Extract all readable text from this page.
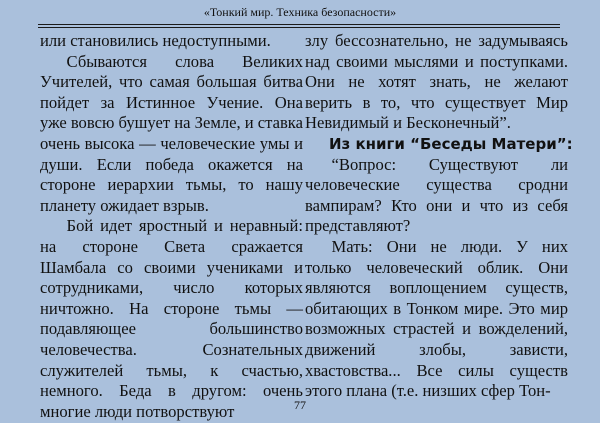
«Тонкий мир. Техника безопасности»

или становились недоступными.

Сбываются слова Великих Учителей, что самая большая битва пойдет за Истинное Учение. Она уже вовсю бушует на Земле, и ставка очень высока — человеческие умы и души. Если победа окажется на стороне иерархии тьмы, то нашу планету ожидает взрыв.

Бой идет яростный и неравный: на стороне Света сражается Шамбала со своими учениками и сотрудниками, число которых ничтожно. На стороне тьмы — подавляющее большинство человечества. Сознательных служителей тьмы, к счастью, немного. Беда в другом: очень многие люди потворствуют

злу бессознательно, не задумываясь над своими мыслями и поступками. Они не хотят знать, не желают верить в то, что существует Мир Невидимый и Бесконечный”.

Из книги “Беседы Матери”:

“Вопрос: Существуют ли человеческие существа сродни вампирам? Кто они и что из себя представляют?

Мать: Они не люди. У них только человеческий облик. Они являются воплощением существ, обитающих в Тонком мире. Это мир возможных страстей и вожделений, движений злобы, зависти, хвастовства... Все силы существ этого плана (т.е. низших сфер Тон-

77
